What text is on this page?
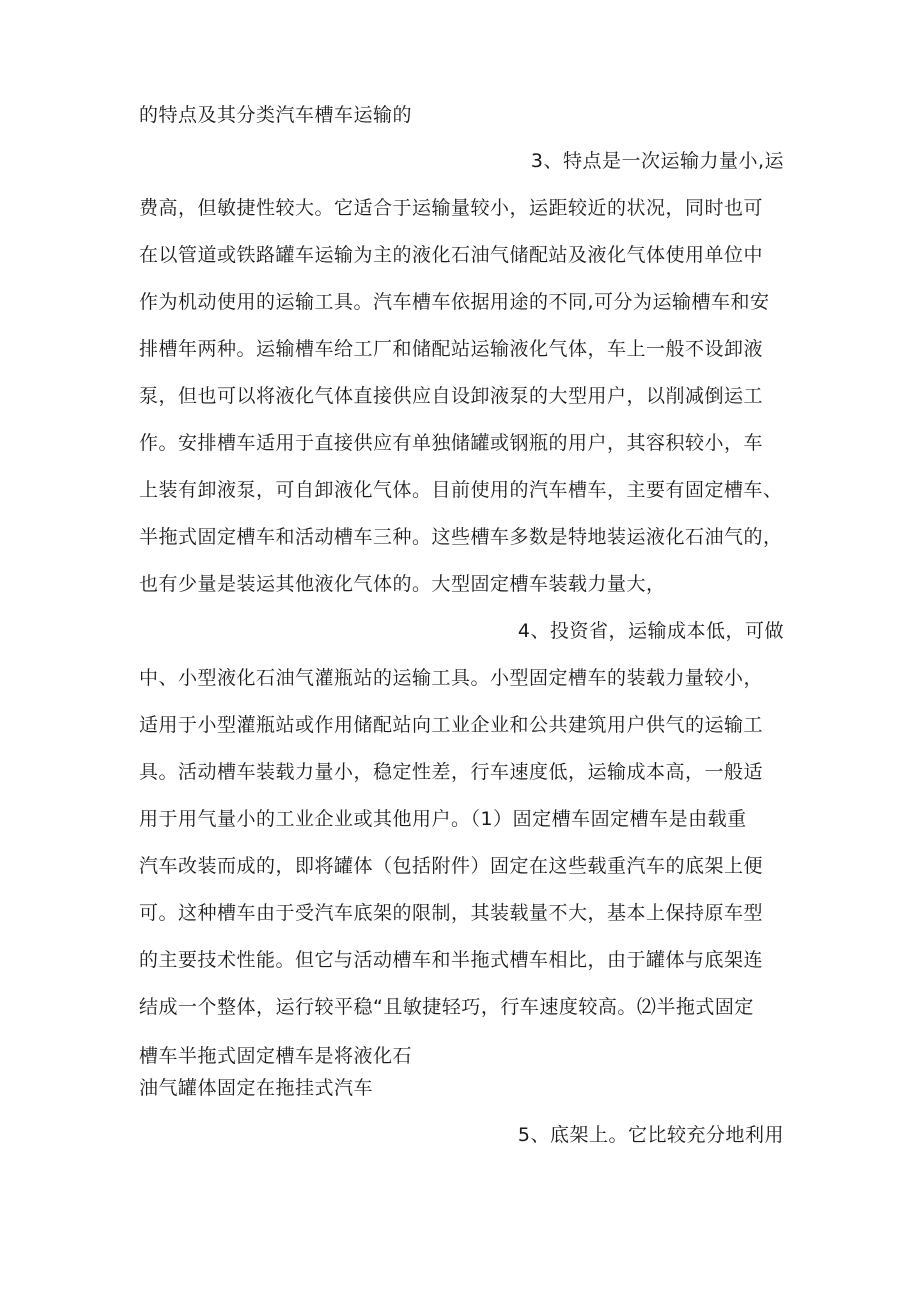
的特点及其分类汽车槽车运输的
3、特点是一次运输力量小,运
费高，但敏捷性较大。它适合于运输量较小，运距较近的状况，同时也可
在以管道或铁路罐车运输为主的液化石油气储配站及液化气体使用单位中
作为机动使用的运输工具。汽车槽车依据用途的不同,可分为运输槽车和安
排槽年两种。运输槽车给工厂和储配站运输液化气体，车上一般不设卸液
泵，但也可以将液化气体直接供应自设卸液泵的大型用户，以削减倒运工
作。安排槽车适用于直接供应有单独储罐或钢瓶的用户，其容积较小，车
上装有卸液泵，可自卸液化气体。目前使用的汽车槽车，主要有固定槽车、
半拖式固定槽车和活动槽车三种。这些槽车多数是特地装运液化石油气的，
也有少量是装运其他液化气体的。大型固定槽车装载力量大，
4、投资省，运输成本低，可做
中、小型液化石油气灌瓶站的运输工具。小型固定槽车的装载力量较小，
适用于小型灌瓶站或作用储配站向工业企业和公共建筑用户供气的运输工
具。活动槽车装载力量小，稳定性差，行车速度低，运输成本高，一般适
用于用气量小的工业企业或其他用户。（1）固定槽车固定槽车是由载重
汽车改装而成的，即将罐体（包括附件）固定在这些载重汽车的底架上便
可。这种槽车由于受汽车底架的限制，其装载量不大，基本上保持原车型
的主要技术性能。但它与活动槽车和半拖式槽车相比，由于罐体与底架连
结成一个整体，运行较平稳“且敏捷轻巧，行车速度较高。⑵半拖式固定
槽车半拖式固定槽车是将液化石
油气罐体固定在拖挂式汽车
5、底架上。它比较充分地利用
